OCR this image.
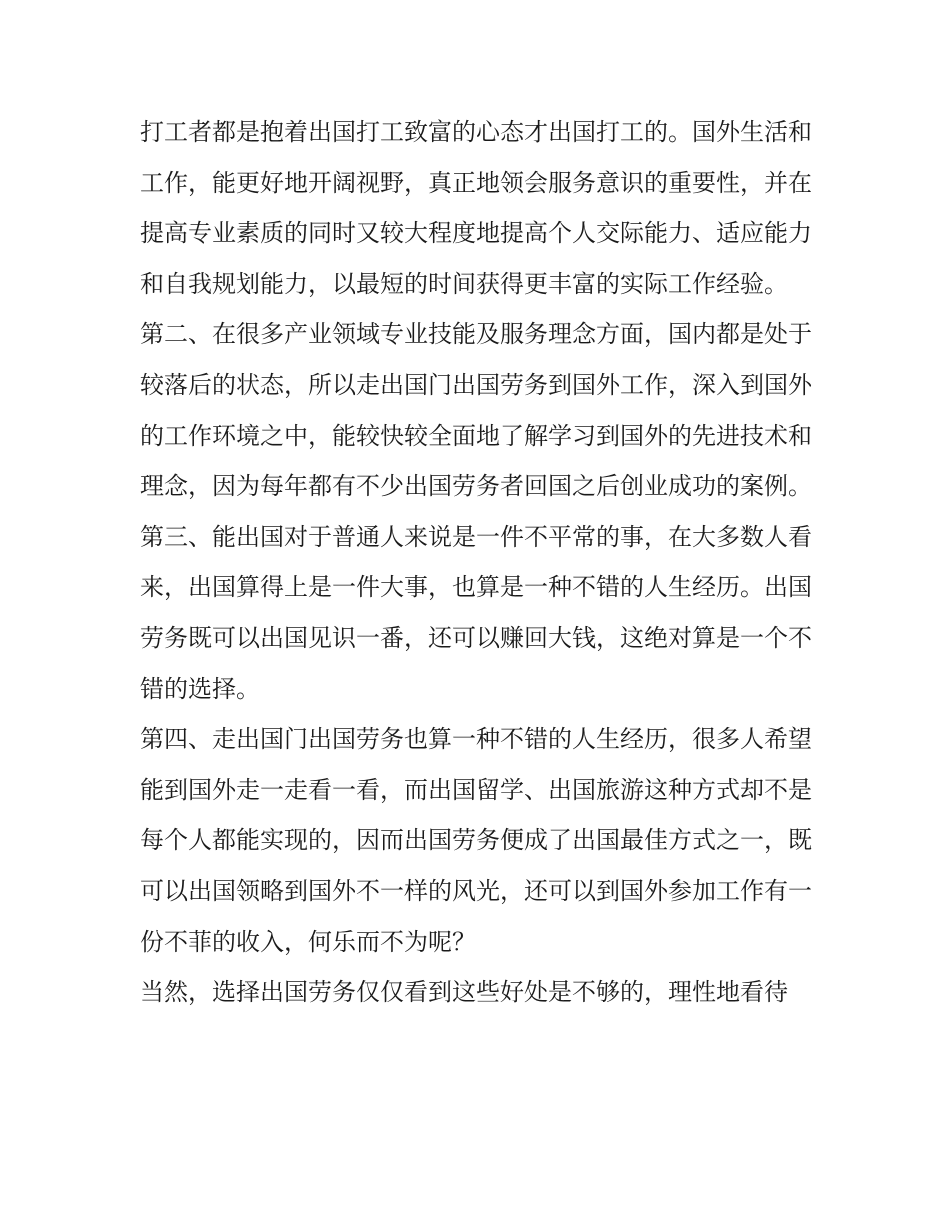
打工者都是抱着出国打工致富的心态才出国打工的。国外生活和工作，能更好地开阔视野，真正地领会服务意识的重要性，并在提高专业素质的同时又较大程度地提高个人交际能力、适应能力和自我规划能力，以最短的时间获得更丰富的实际工作经验。

第二、在很多产业领域专业技能及服务理念方面，国内都是处于较落后的状态，所以走出国门出国劳务到国外工作，深入到国外的工作环境之中，能较快较全面地了解学习到国外的先进技术和理念，因为每年都有不少出国劳务者回国之后创业成功的案例。

第三、能出国对于普通人来说是一件不平常的事，在大多数人看来，出国算得上是一件大事，也算是一种不错的人生经历。出国劳务既可以出国见识一番，还可以赚回大钱，这绝对算是一个不错的选择。

第四、走出国门出国劳务也算一种不错的人生经历，很多人希望能到国外走一走看一看，而出国留学、出国旅游这种方式却不是每个人都能实现的，因而出国劳务便成了出国最佳方式之一，既可以出国领略到国外不一样的风光，还可以到国外参加工作有一份不菲的收入，何乐而不为呢？

当然，选择出国劳务仅仅看到这些好处是不够的，理性地看待
